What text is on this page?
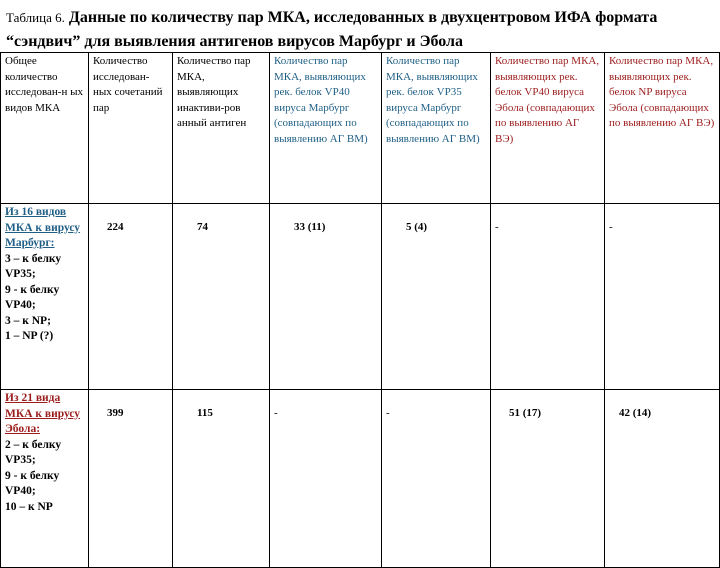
Таблица 6. Данные по количеству пар МКА, исследованных в двухцентровом ИФА формата “сэндвич” для выявления антигенов вирусов Марбург и Эбола
Общее количество исследован-н ых видов МКА	Количество исследован-ных сочетаний пар	Количество пар МКА, выявляющих инактиви-ров анный антиген	Количество пар МКА, выявляющих рек. белок VP40 вируса Марбург (совпадающих по выявлению АГ ВМ)	Количество пар МКА, выявляющих рек. белок VP35 вируса Марбург (совпадающих по выявлению АГ ВМ)	Количество пар МКА, выявляющих рек. белок VP40 вируса Эбола (совпадающих по выявлению АГ ВЭ)	Количество пар МКА, выявляющих рек. белок NP вируса Эбола (совпадающих по выявлению АГ ВЭ)

Из 16 видов МКА к вирусу Марбург:
3 – к белку VP35;
9 - к белку VP40;
3 – к NP;
1 – NP (?)	224	74	33 (11)	5 (4)	-	-

Из 21 вида МКА к вирусу Эбола:
2 – к белку VP35;
9 - к белку VP40;
10 – к NP	399	115	-	-	51 (17)	42 (14)
